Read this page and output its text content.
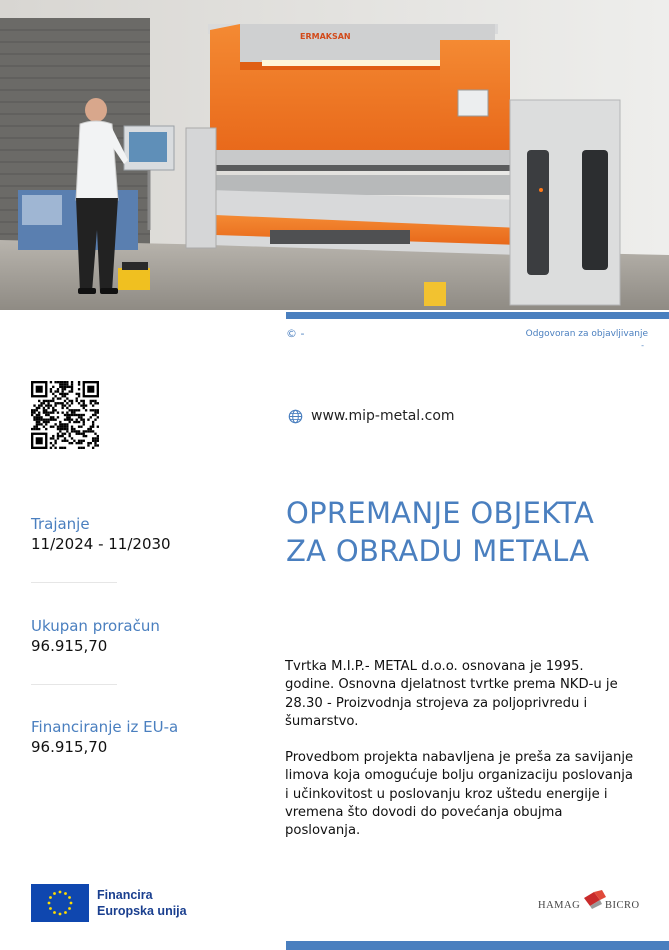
ERMAKSAN
© -	Odgovoran za objavljivanje
-
www.mip-metal.com
OPREMANJE OBJEKTA
ZA OBRADU METALA
Trajanje
11/2024 - 11/2030
Ukupan proračun
96.915,70
Financiranje iz EU-a
96.915,70

Tvrtka M.I.P.- METAL d.o.o. osnovana je 1995.
godine. Osnovna djelatnost tvrtke prema NKD-u je
28.30 - Proizvodnja strojeva za poljoprivredu i
šumarstvo.

Provedbom projekta nabavljena je preša za savijanje
limova koja omogućuje bolju organizaciju poslovanja
i učinkovitost u poslovanju kroz uštedu energije i
vremena što dovodi do povećanja obujma
poslovanja.

Financira
Europska unija	HAMAG BICRO
